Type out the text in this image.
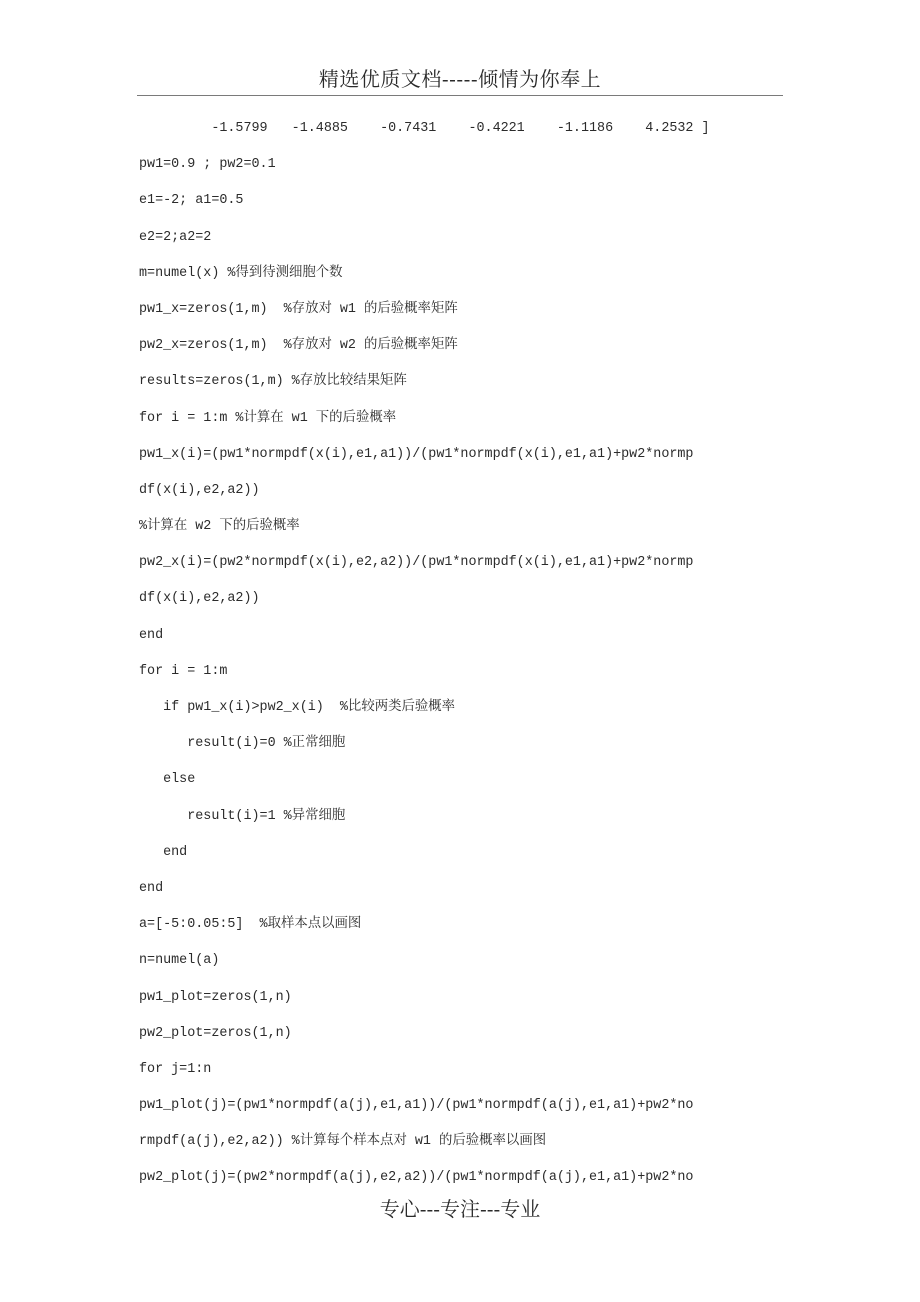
精选优质文档-----倾情为你奉上
-1.5799   -1.4885    -0.7431    -0.4221    -1.1186    4.2532 ]
pw1=0.9 ; pw2=0.1
e1=-2; a1=0.5
e2=2;a2=2
m=numel(x) %得到待测细胞个数
pw1_x=zeros(1,m)  %存放对 w1 的后验概率矩阵
pw2_x=zeros(1,m)  %存放对 w2 的后验概率矩阵
results=zeros(1,m) %存放比较结果矩阵
for i = 1:m %计算在 w1 下的后验概率
pw1_x(i)=(pw1*normpdf(x(i),e1,a1))/(pw1*normpdf(x(i),e1,a1)+pw2*normp
df(x(i),e2,a2))
%计算在 w2 下的后验概率
pw2_x(i)=(pw2*normpdf(x(i),e2,a2))/(pw1*normpdf(x(i),e1,a1)+pw2*normp
df(x(i),e2,a2))
end
for i = 1:m
if pw1_x(i)>pw2_x(i)  %比较两类后验概率
result(i)=0 %正常细胞
else
result(i)=1 %异常细胞
end
end
a=[-5:0.05:5]  %取样本点以画图
n=numel(a)
pw1_plot=zeros(1,n)
pw2_plot=zeros(1,n)
for j=1:n
pw1_plot(j)=(pw1*normpdf(a(j),e1,a1))/(pw1*normpdf(a(j),e1,a1)+pw2*no
rmpdf(a(j),e2,a2)) %计算每个样本点对 w1 的后验概率以画图
pw2_plot(j)=(pw2*normpdf(a(j),e2,a2))/(pw1*normpdf(a(j),e1,a1)+pw2*no
专心---专注---专业
